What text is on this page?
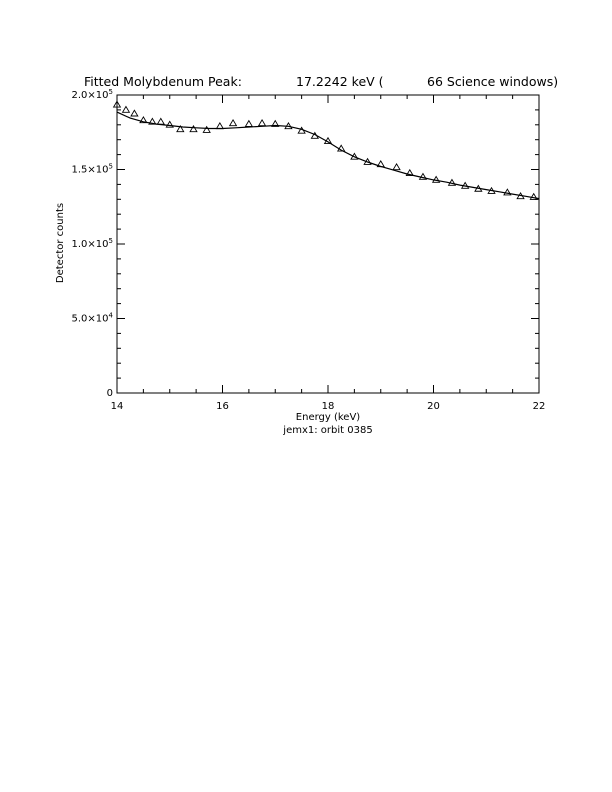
Fitted Molybdenum Peak:	17.2242 keV (	66 Science windows)
14	16	18	20	22
0
$5.0\times 10^4$
$1.0\times 10^5$
$1.5\times 10^5$
$2.0\times 10^5$
Energy (keV)
jemx1: orbit 0385
Detector counts
